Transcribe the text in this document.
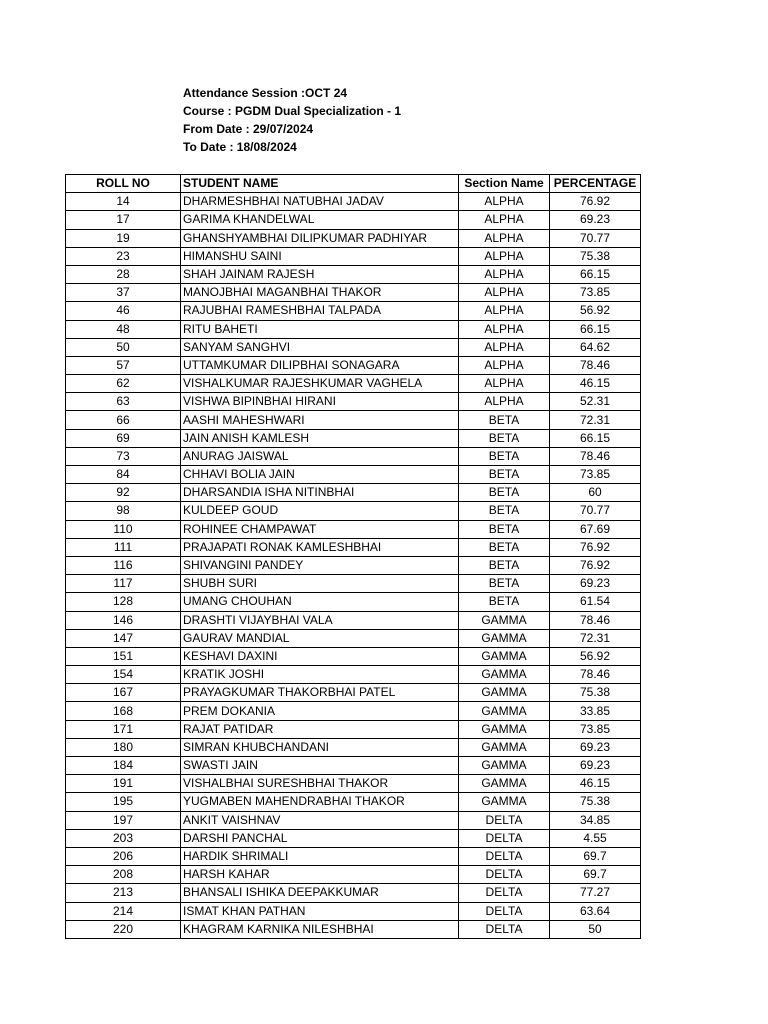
Attendance Session :OCT 24
Course : PGDM Dual Specialization - 1
From Date : 29/07/2024
To Date : 18/08/2024
ROLL NO	STUDENT NAME	Section Name	PERCENTAGE
14	DHARMESHBHAI NATUBHAI JADAV	ALPHA	76.92
17	GARIMA KHANDELWAL	ALPHA	69.23
19	GHANSHYAMBHAI DILIPKUMAR PADHIYAR	ALPHA	70.77
23	HIMANSHU SAINI	ALPHA	75.38
28	SHAH JAINAM RAJESH	ALPHA	66.15
37	MANOJBHAI MAGANBHAI THAKOR	ALPHA	73.85
46	RAJUBHAI RAMESHBHAI TALPADA	ALPHA	56.92
48	RITU BAHETI	ALPHA	66.15
50	SANYAM SANGHVI	ALPHA	64.62
57	UTTAMKUMAR DILIPBHAI SONAGARA	ALPHA	78.46
62	VISHALKUMAR RAJESHKUMAR VAGHELA	ALPHA	46.15
63	VISHWA BIPINBHAI HIRANI	ALPHA	52.31
66	AASHI MAHESHWARI	BETA	72.31
69	JAIN ANISH KAMLESH	BETA	66.15
73	ANURAG JAISWAL	BETA	78.46
84	CHHAVI BOLIA JAIN	BETA	73.85
92	DHARSANDIA ISHA NITINBHAI	BETA	60
98	KULDEEP GOUD	BETA	70.77
110	ROHINEE CHAMPAWAT	BETA	67.69
111	PRAJAPATI RONAK KAMLESHBHAI	BETA	76.92
116	SHIVANGINI PANDEY	BETA	76.92
117	SHUBH SURI	BETA	69.23
128	UMANG CHOUHAN	BETA	61.54
146	DRASHTI VIJAYBHAI VALA	GAMMA	78.46
147	GAURAV MANDIAL	GAMMA	72.31
151	KESHAVI DAXINI	GAMMA	56.92
154	KRATIK JOSHI	GAMMA	78.46
167	PRAYAGKUMAR THAKORBHAI PATEL	GAMMA	75.38
168	PREM DOKANIA	GAMMA	33.85
171	RAJAT PATIDAR	GAMMA	73.85
180	SIMRAN KHUBCHANDANI	GAMMA	69.23
184	SWASTI JAIN	GAMMA	69.23
191	VISHALBHAI SURESHBHAI THAKOR	GAMMA	46.15
195	YUGMABEN MAHENDRABHAI THAKOR	GAMMA	75.38
197	ANKIT VAISHNAV	DELTA	34.85
203	DARSHI PANCHAL	DELTA	4.55
206	HARDIK SHRIMALI	DELTA	69.7
208	HARSH KAHAR	DELTA	69.7
213	BHANSALI ISHIKA DEEPAKKUMAR	DELTA	77.27
214	ISMAT KHAN PATHAN	DELTA	63.64
220	KHAGRAM KARNIKA NILESHBHAI	DELTA	50
